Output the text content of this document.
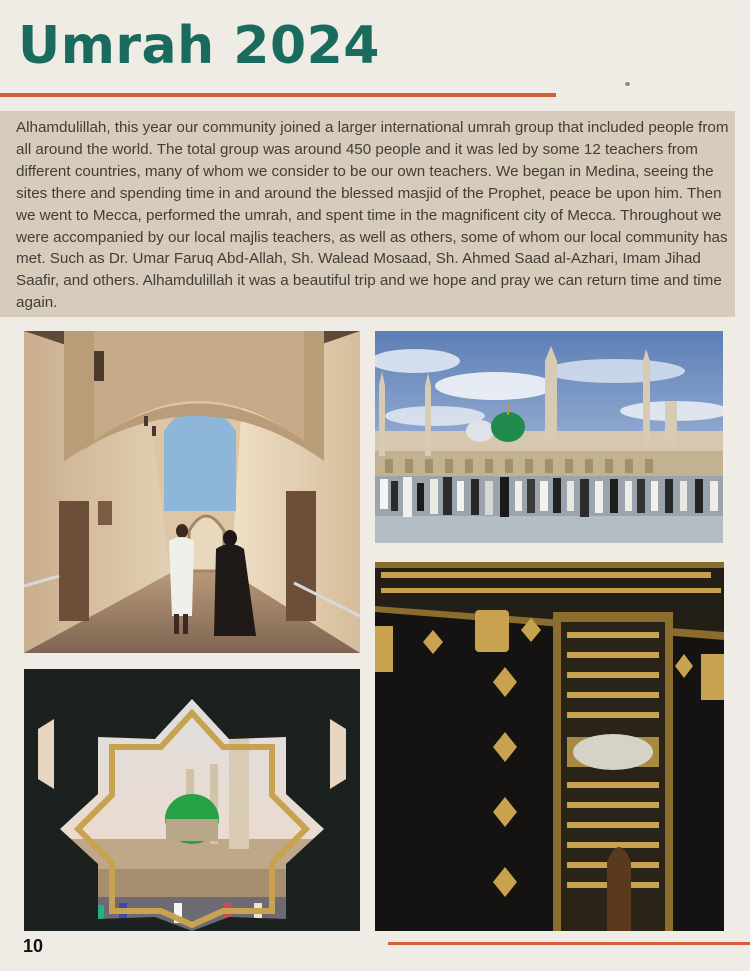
Umrah 2024
Alhamdulillah, this year our community joined a larger international umrah group that included people from all around the world. The total group was around 450 people and it was led by some 12 teachers from different countries, many of whom we consider to be our own teachers. We began in Medina, seeing the sites there and spending time in and around the blessed masjid of the Prophet, peace be upon him. Then we went to Mecca, performed the umrah, and spent time in the magnificent city of Mecca. Throughout we were accompanied by our local majlis teachers, as well as others, some of whom our local community has met. Such as Dr. Umar Faruq Abd-Allah, Sh. Walead Mosaad, Sh. Ahmed Saad al-Azhari, Imam Jihad Saafir, and others. Alhamdulillah it was a beautiful trip and we hope and pray we can return time and time again.
10
